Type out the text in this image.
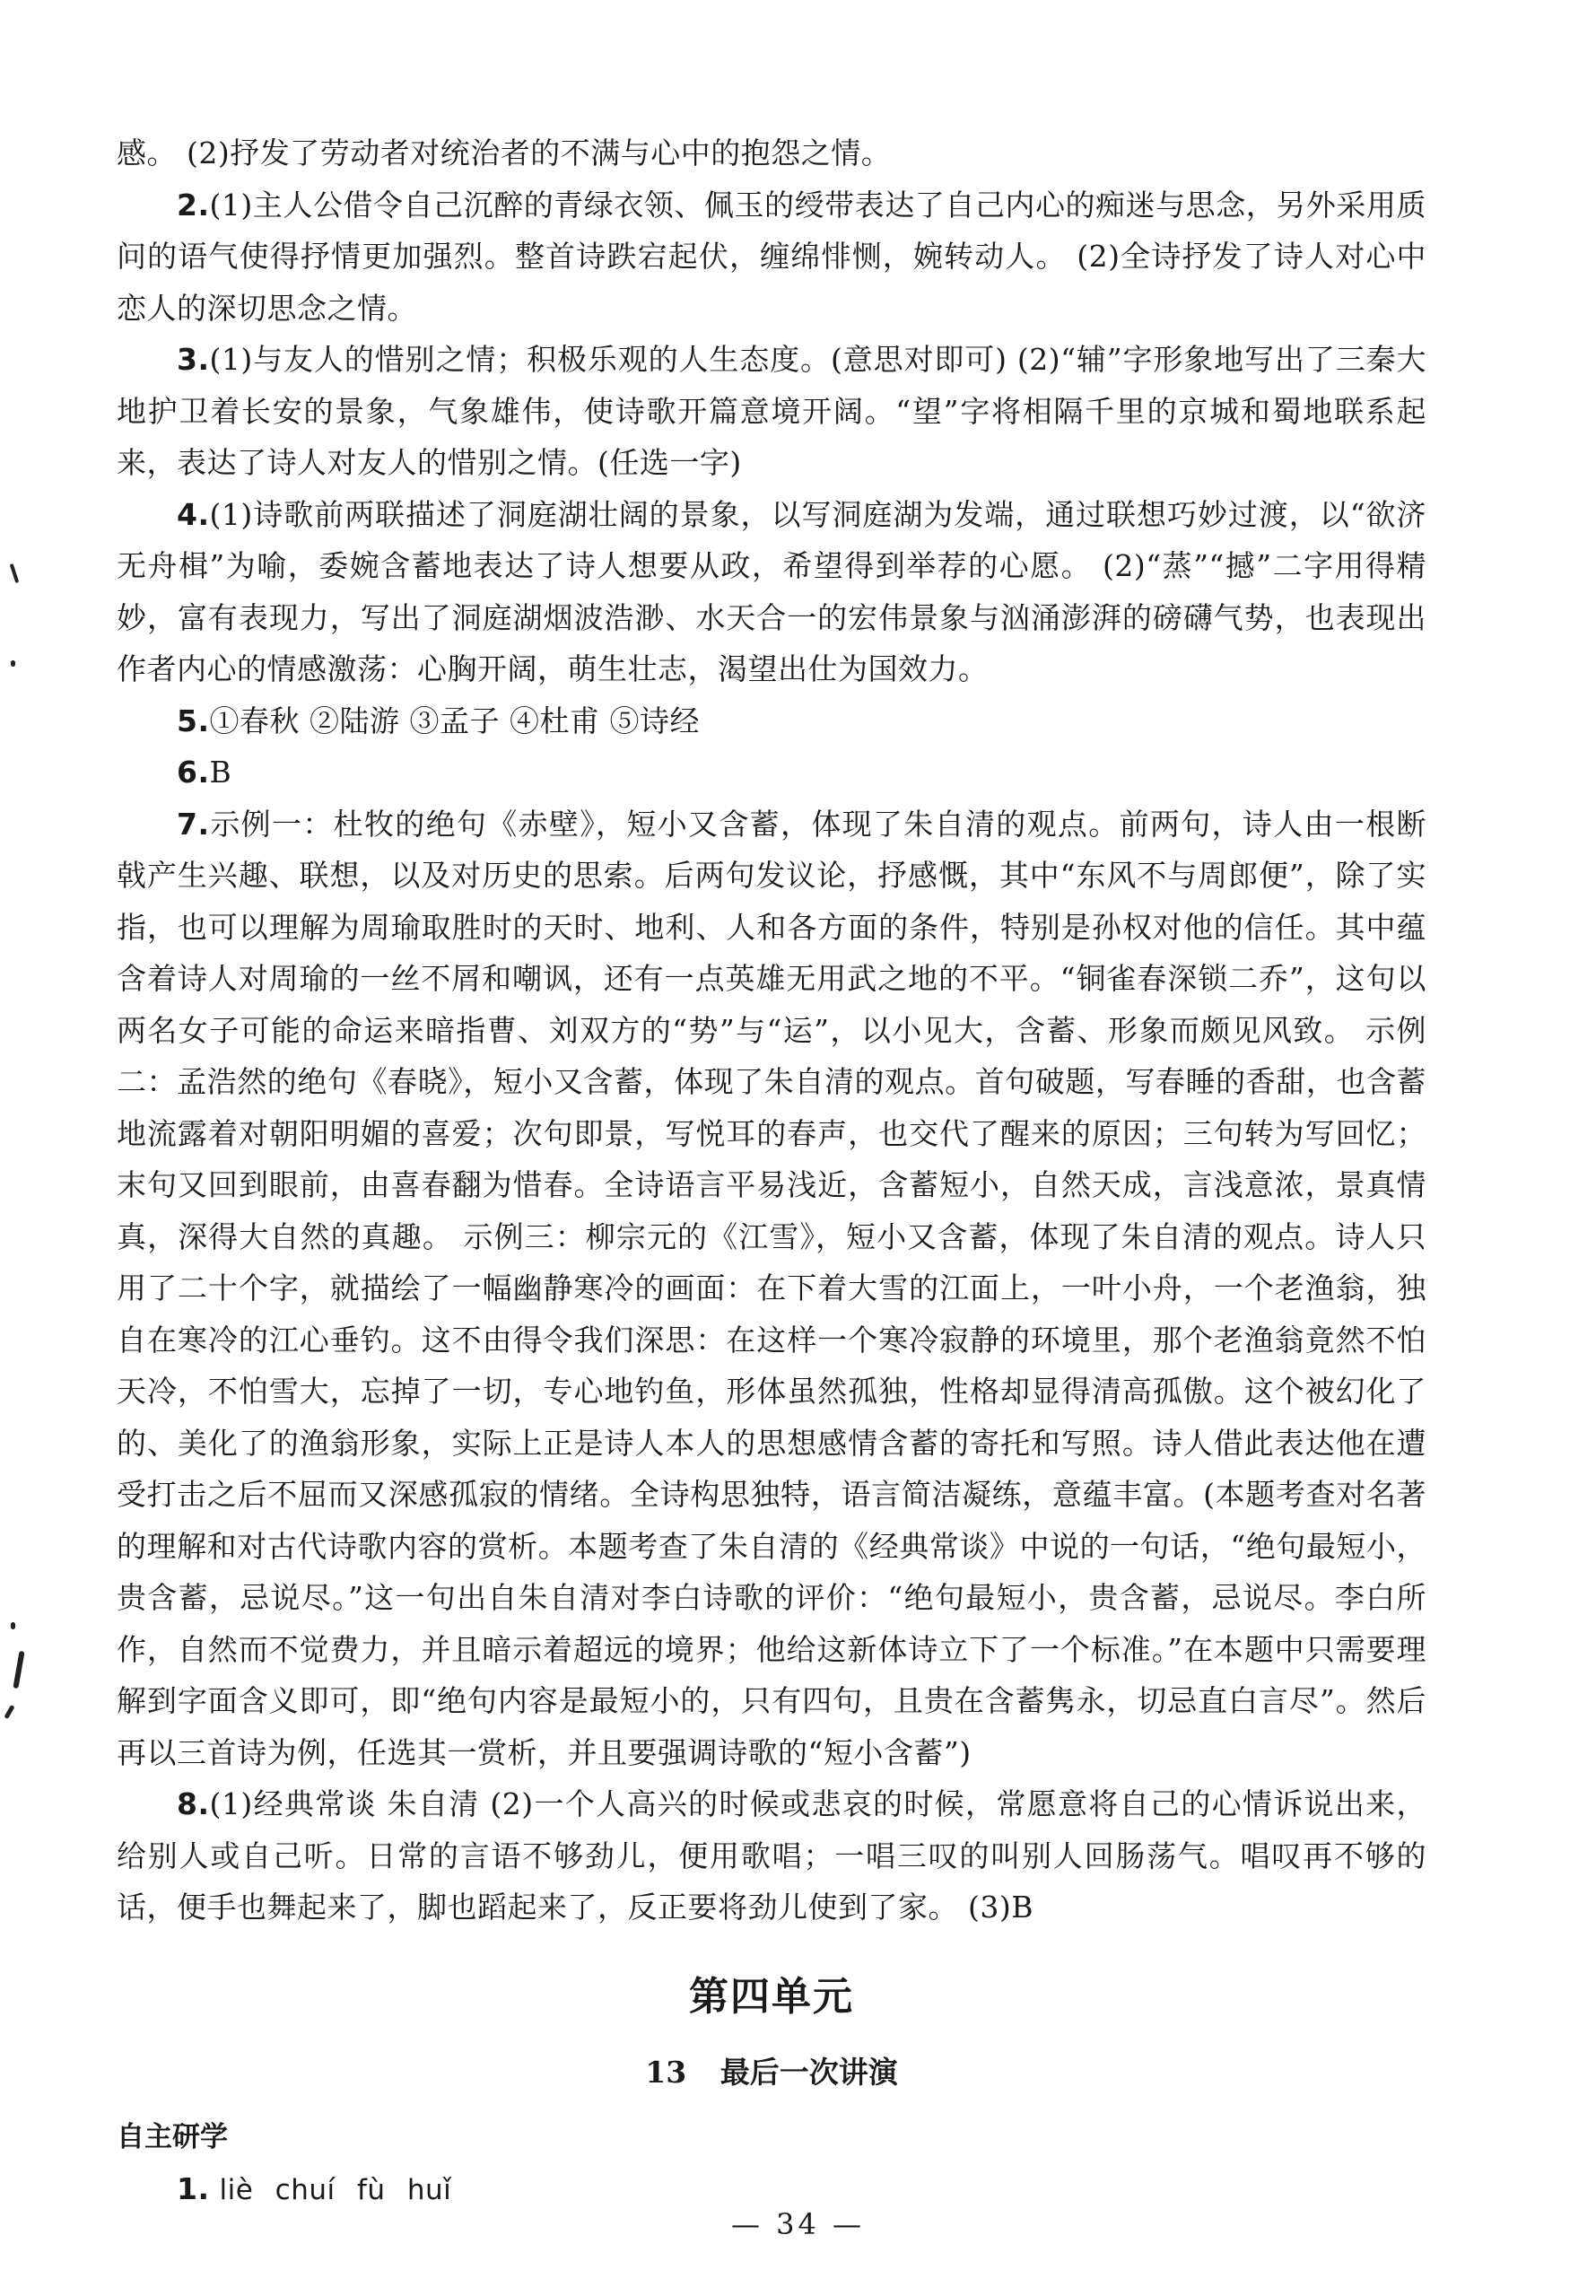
感。 (2)抒发了劳动者对统治者的不满与心中的抱怨之情。

2.(1)主人公借令自己沉醉的青绿衣领、佩玉的绶带表达了自己内心的痴迷与思念，另外采用质问的语气使得抒情更加强烈。整首诗跌宕起伏，缠绵悱恻，婉转动人。 (2)全诗抒发了诗人对心中恋人的深切思念之情。

3.(1)与友人的惜别之情；积极乐观的人生态度。(意思对即可) (2)“辅”字形象地写出了三秦大地护卫着长安的景象，气象雄伟，使诗歌开篇意境开阔。“望”字将相隔千里的京城和蜀地联系起来，表达了诗人对友人的惜别之情。(任选一字)

4.(1)诗歌前两联描述了洞庭湖壮阔的景象，以写洞庭湖为发端，通过联想巧妙过渡，以“欲济无舟楫”为喻，委婉含蓄地表达了诗人想要从政，希望得到举荐的心愿。 (2)“蒸”“撼”二字用得精妙，富有表现力，写出了洞庭湖烟波浩渺、水天合一的宏伟景象与汹涌澎湃的磅礴气势，也表现出作者内心的情感激荡：心胸开阔，萌生壮志，渴望出仕为国效力。

5.①春秋 ②陆游 ③孟子 ④杜甫 ⑤诗经

6.B

7.示例一：杜牧的绝句《赤壁》，短小又含蓄，体现了朱自清的观点。前两句，诗人由一根断戟产生兴趣、联想，以及对历史的思索。后两句发议论，抒感慨，其中“东风不与周郎便”，除了实指，也可以理解为周瑜取胜时的天时、地利、人和各方面的条件，特别是孙权对他的信任。其中蕴含着诗人对周瑜的一丝不屑和嘲讽，还有一点英雄无用武之地的不平。“铜雀春深锁二乔”，这句以两名女子可能的命运来暗指曹、刘双方的“势”与“运”，以小见大，含蓄、形象而颇见风致。 示例二：孟浩然的绝句《春晓》，短小又含蓄，体现了朱自清的观点。首句破题，写春睡的香甜，也含蓄地流露着对朝阳明媚的喜爱；次句即景，写悦耳的春声，也交代了醒来的原因；三句转为写回忆；末句又回到眼前，由喜春翻为惜春。全诗语言平易浅近，含蓄短小，自然天成，言浅意浓，景真情真，深得大自然的真趣。 示例三：柳宗元的《江雪》，短小又含蓄，体现了朱自清的观点。诗人只用了二十个字，就描绘了一幅幽静寒冷的画面：在下着大雪的江面上，一叶小舟，一个老渔翁，独自在寒冷的江心垂钓。这不由得令我们深思：在这样一个寒冷寂静的环境里，那个老渔翁竟然不怕天冷，不怕雪大，忘掉了一切，专心地钓鱼，形体虽然孤独，性格却显得清高孤傲。这个被幻化了的、美化了的渔翁形象，实际上正是诗人本人的思想感情含蓄的寄托和写照。诗人借此表达他在遭受打击之后不屈而又深感孤寂的情绪。全诗构思独特，语言简洁凝练，意蕴丰富。(本题考查对名著的理解和对古代诗歌内容的赏析。本题考查了朱自清的《经典常谈》中说的一句话，“绝句最短小，贵含蓄，忌说尽。”这一句出自朱自清对李白诗歌的评价：“绝句最短小，贵含蓄，忌说尽。李白所作，自然而不觉费力，并且暗示着超远的境界；他给这新体诗立下了一个标准。”在本题中只需要理解到字面含义即可，即“绝句内容是最短小的，只有四句，且贵在含蓄隽永，切忌直白言尽”。然后再以三首诗为例，任选其一赏析，并且要强调诗歌的“短小含蓄”)

8.(1)经典常谈 朱自清 (2)一个人高兴的时候或悲哀的时候，常愿意将自己的心情诉说出来，给别人或自己听。日常的言语不够劲儿，便用歌唱；一唱三叹的叫别人回肠荡气。唱叹再不够的话，便手也舞起来了，脚也蹈起来了，反正要将劲儿使到了家。 (3)B

第四单元
13 最后一次讲演
自主研学

1. liè chuí fù huǐ

— 34 —
